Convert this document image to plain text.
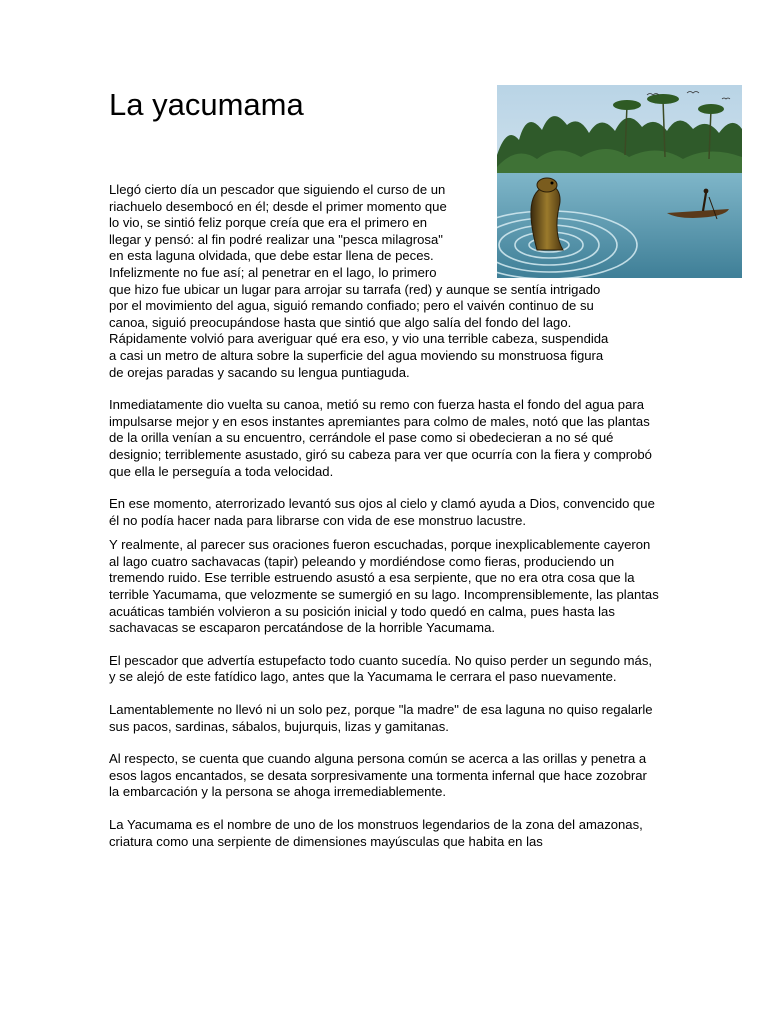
La yacumama

Llegó cierto día un pescador que siguiendo el curso de un
riachuelo desembocó en él; desde el primer momento que
lo vio, se sintió feliz porque creía que era el primero en
llegar y pensó: al fin podré realizar una "pesca milagrosa"
en esta laguna olvidada, que debe estar llena de peces.
Infelizmente no fue así; al penetrar en el lago, lo primero
que hizo fue ubicar un lugar para arrojar su tarrafa (red) y aunque se sentía intrigado
por el movimiento del agua, siguió remando confiado; pero el vaivén continuo de su
canoa, siguió preocupándose hasta que sintió que algo salía del fondo del lago.
Rápidamente volvió para averiguar qué era eso, y vio una terrible cabeza, suspendida
a casi un metro de altura sobre la superficie del agua moviendo su monstruosa figura
de orejas paradas y sacando su lengua puntiaguda.

Inmediatamente dio vuelta su canoa, metió su remo con fuerza hasta el fondo del agua para impulsarse mejor y en esos instantes apremiantes para colmo de males, notó que las plantas de la orilla venían a su encuentro, cerrándole el pase como si obedecieran a no sé qué designio; terriblemente asustado, giró su cabeza para ver que ocurría con la fiera y comprobó que ella le perseguía a toda velocidad.

En ese momento, aterrorizado levantó sus ojos al cielo y clamó ayuda a Dios, convencido que él no podía hacer nada para librarse con vida de ese monstruo lacustre.

Y realmente, al parecer sus oraciones fueron escuchadas, porque inexplicablemente cayeron al lago cuatro sachavacas (tapir) peleando y mordiéndose como fieras, produciendo un tremendo ruido. Ese terrible estruendo asustó a esa serpiente, que no era otra cosa que la terrible Yacumama, que velozmente se sumergió en su lago. Incomprensiblemente, las plantas acuáticas también volvieron a su posición inicial y todo quedó en calma, pues hasta las sachavacas se escaparon percatándose de la horrible Yacumama.

El pescador que advertía estupefacto todo cuanto sucedía. No quiso perder un segundo más, y se alejó de este fatídico lago, antes que la Yacumama le cerrara el paso nuevamente.

Lamentablemente no llevó ni un solo pez, porque "la madre" de esa laguna no quiso regalarle sus pacos, sardinas, sábalos, bujurquis, lizas y gamitanas.

Al respecto, se cuenta que cuando alguna persona común se acerca a las orillas y penetra a esos lagos encantados, se desata sorpresivamente una tormenta infernal que hace zozobrar la embarcación y la persona se ahoga irremediablemente.

La Yacumama es el nombre de uno de los monstruos legendarios de la zona del amazonas, criatura como una serpiente de dimensiones mayúsculas que habita en las
